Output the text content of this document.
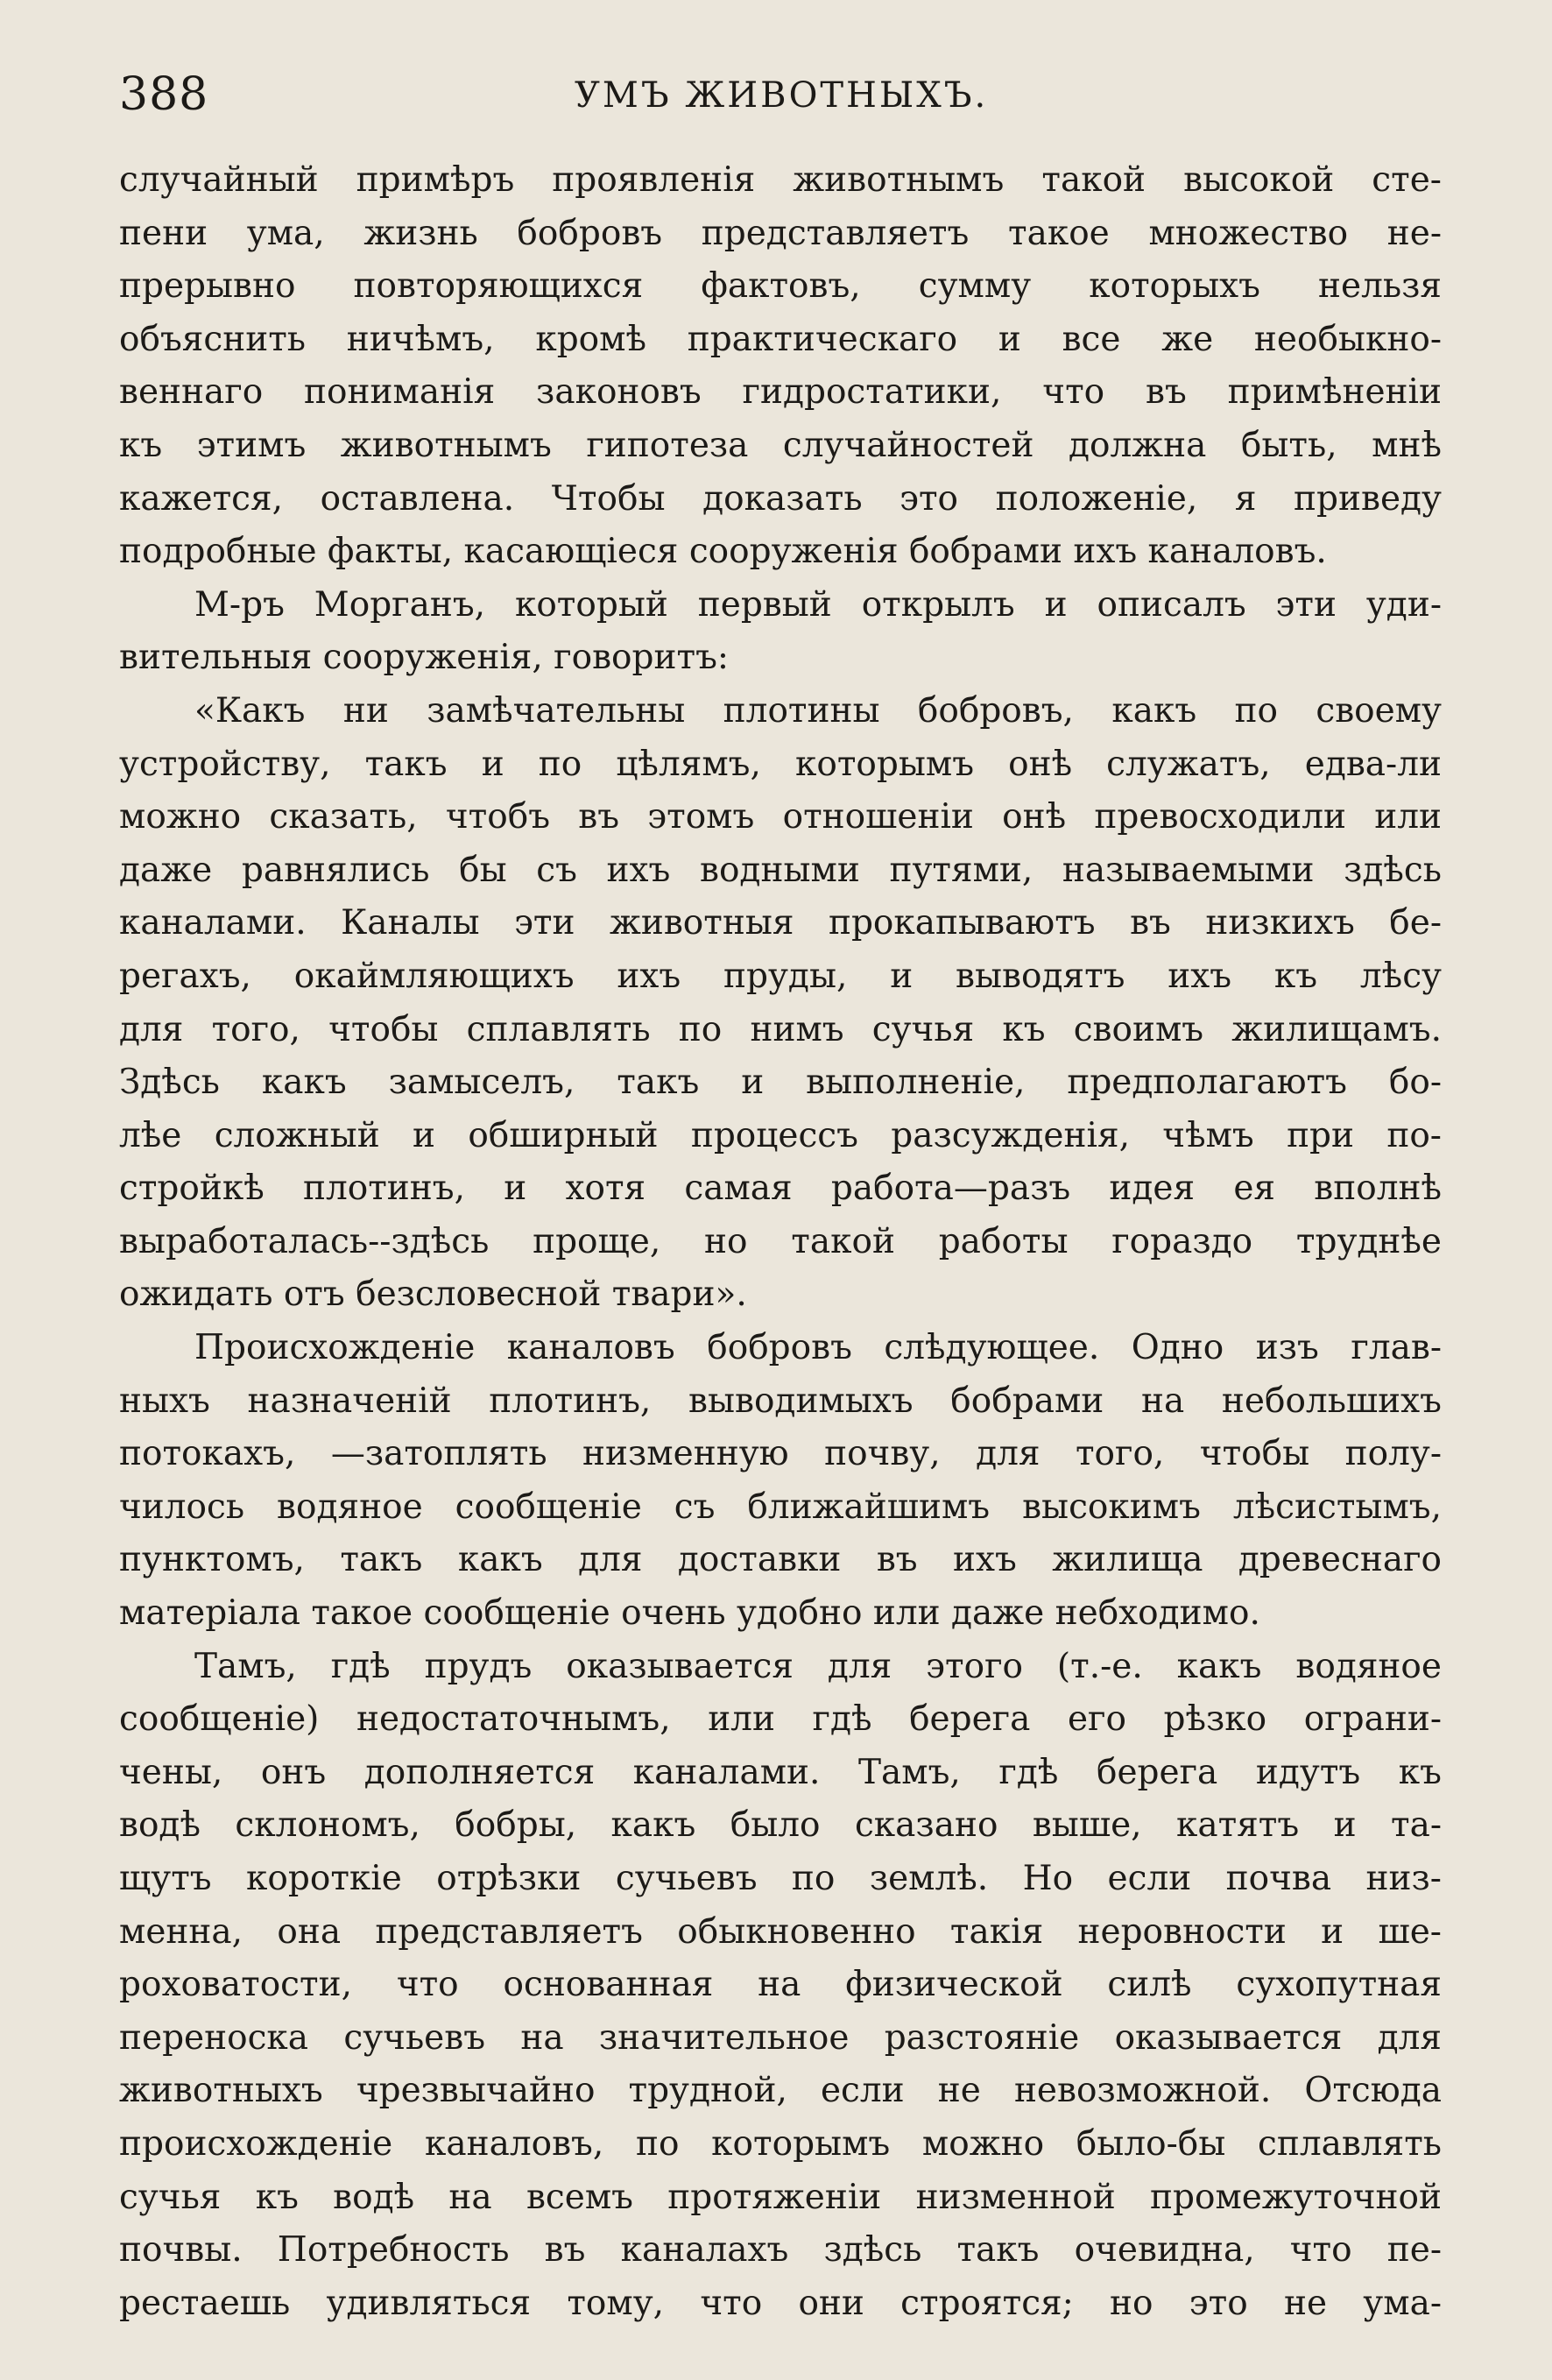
388	УМЪ ЖИВОТНЫХЪ.
случайный примѣръ проявленія животнымъ такой высокой сте-
пени ума, жизнь бобровъ представляетъ такое множество не-
прерывно повторяющихся фактовъ, сумму которыхъ нельзя
объяснить ничѣмъ, кромѣ практическаго и все же необыкно-
веннаго пониманія законовъ гидростатики, что въ примѣненіи
къ этимъ животнымъ гипотеза случайностей должна быть, мнѣ
кажется, оставлена. Чтобы доказать это положеніе, я приведу
подробные факты, касающіеся сооруженія бобрами ихъ каналовъ.
М-ръ Морганъ, который первый открылъ и описалъ эти уди-
вительныя сооруженія, говоритъ:
«Какъ ни замѣчательны плотины бобровъ, какъ по своему
устройству, такъ и по цѣлямъ, которымъ онѣ служатъ, едва-ли
можно сказать, чтобъ въ этомъ отношеніи онѣ превосходили или
даже равнялись бы съ ихъ водными путями, называемыми здѣсь
каналами. Каналы эти животныя прокапываютъ въ низкихъ бе-
регахъ, окаймляющихъ ихъ пруды, и выводятъ ихъ къ лѣсу
для того, чтобы сплавлять по нимъ сучья къ своимъ жилищамъ.
Здѣсь какъ замыселъ, такъ и выполненіе, предполагаютъ бо-
лѣе сложный и обширный процессъ разсужденія, чѣмъ при по-
стройкѣ плотинъ, и хотя самая работа—разъ идея ея вполнѣ
выработалась--здѣсь проще, но такой работы гораздо труднѣе
ожидать отъ безсловесной твари».
Происхожденіе каналовъ бобровъ слѣдующее. Одно изъ глав-
ныхъ назначеній плотинъ, выводимыхъ бобрами на небольшихъ
потокахъ, —затоплять низменную почву, для того, чтобы полу-
чилось водяное сообщеніе съ ближайшимъ высокимъ лѣсистымъ,
пунктомъ, такъ какъ для доставки въ ихъ жилища древеснаго
матеріала такое сообщеніе очень удобно или даже небходимо.
Тамъ, гдѣ прудъ оказывается для этого (т.-е. какъ водяное
сообщеніе) недостаточнымъ, или гдѣ берега его рѣзко ограни-
чены, онъ дополняется каналами. Тамъ, гдѣ берега идутъ къ
водѣ склономъ, бобры, какъ было сказано выше, катятъ и та-
щутъ короткіе отрѣзки сучьевъ по землѣ. Но если почва низ-
менна, она представляетъ обыкновенно такія неровности и ше-
роховатости, что основанная на физической силѣ сухопутная
переноска сучьевъ на значительное разстояніе оказывается для
животныхъ чрезвычайно трудной, если не невозможной. Отсюда
происхожденіе каналовъ, по которымъ можно было-бы сплавлять
сучья къ водѣ на всемъ протяженіи низменной промежуточной
почвы. Потребность въ каналахъ здѣсь такъ очевидна, что пе-
рестаешь удивляться тому, что они строятся; но это не ума-
